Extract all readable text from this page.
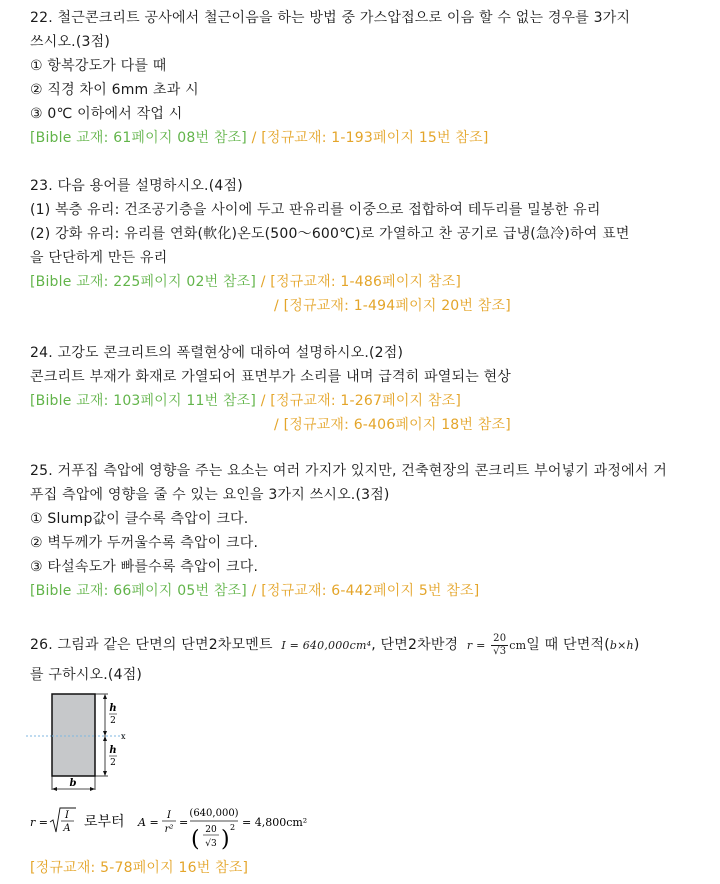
22. 철근콘크리트 공사에서 철근이음을 하는 방법 중 가스압접으로 이음 할 수 없는 경우를 3가지
쓰시오.(3점)
① 항복강도가 다를 때
② 직경 차이 6mm 초과 시
③ 0℃ 이하에서 작업 시
[Bible 교재: 61페이지 08번 참조] / [정규교재: 1-193페이지 15번 참조]
23. 다음 용어를 설명하시오.(4점)
(1) 복층 유리: 건조공기층을 사이에 두고 판유리를 이중으로 접합하여 테두리를 밀봉한 유리
(2) 강화 유리: 유리를 연화(軟化)온도(500～600℃)로 가열하고 찬 공기로 급냉(急冷)하여 표면
을 단단하게 만든 유리
[Bible 교재: 225페이지 02번 참조] / [정규교재: 1-486페이지 참조]
/ [정규교재: 1-494페이지 20번 참조]
24. 고강도 콘크리트의 폭렬현상에 대하여 설명하시오.(2점)
콘크리트 부재가 화재로 가열되어 표면부가 소리를 내며 급격히 파열되는 현상
[Bible 교재: 103페이지 11번 참조] / [정규교재: 1-267페이지 참조]
/ [정규교재: 6-406페이지 18번 참조]
25. 거푸집 측압에 영향을 주는 요소는 여러 가지가 있지만, 건축현장의 콘크리트 부어넣기 과정에서 거
푸집 측압에 영향을 줄 수 있는 요인을 3가지 쓰시오.(3점)
① Slump값이 클수록 측압이 크다.
② 벽두께가 두꺼울수록 측압이 크다.
③ 타설속도가 빠를수록 측압이 크다.
[Bible 교재: 66페이지 05번 참조] / [정규교재: 6-442페이지 5번 참조]
26. 그림과 같은 단면의 단면2차모멘트 I = 640,000cm⁴, 단면2차반경 $r = \frac{20}{√3}$ cm일 때 단면적(b×h)
를 구하시오.(4점)
h
2
h
2
x
b
r =
I
A 로부터 A =
I
r²
=
(640,000)
( 20
√3 ) 2 = 4,800cm²
[정규교재: 5-78페이지 16번 참조]
